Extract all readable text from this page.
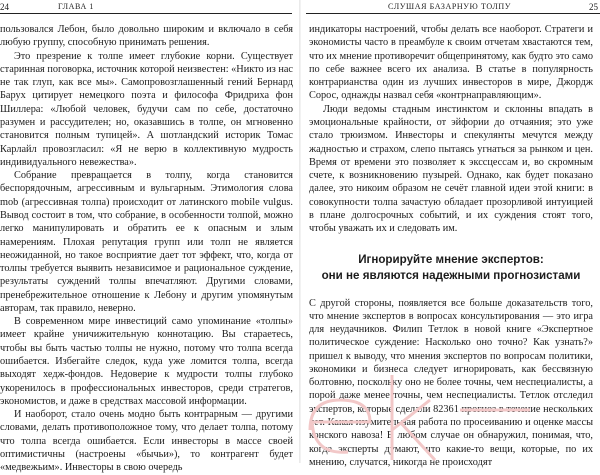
24	ГЛАВА 1

пользовался Лебон, было довольно широким и включало в себя любую группу, способную принимать решения.

Это презрение к толпе имеет глубокие корни. Существует старинная поговорка, источник которой неизвестен: «Никто из нас не так глуп, как все мы». Самопровозглашенный гений Бернард Барух цитирует немецкого поэта и философа Фридриха фон Шиллера: «Любой человек, будучи сам по себе, достаточно разумен и рассудителен; но, оказавшись в толпе, он мгновенно становится полным тупицей». А шотландский историк Томас Карлайл провозгласил: «Я не верю в коллективную мудрость индивидуального невежества».

Собрание превращается в толпу, когда становится беспорядочным, агрессивным и вульгарным. Этимология слова mob (агрессивная толпа) происходит от латинского mobile vulgus. Вывод состоит в том, что собрание, в особенности толпой, можно легко манипулировать и обратить ее к опасным и злым намерениям. Плохая репутация групп или толп не является неожиданной, но такое восприятие дает тот эффект, что, когда от толпы требуется выявить независимое и рациональное суждение, результаты суждений толпы впечатляют. Другими словами, пренебрежительное отношение к Лебону и другим упомянутым авторам, так правило, неверно.

В современном мире инвестиций само упоминание «толпы» имеет крайне уничижительную коннотацию. Вы стараетесь, чтобы вы быть частью толпы не нужно, потому что толпа всегда ошибается. Избегайте следок, куда уже ломится толпа, всегда выходят хедж-фондов. Недоверие к мудрости толпы глубоко укоренилось в профессиональных инвесторов, среди стратегов, экономистов, и даже в средствах массовой информации.

И наоборот, стало очень модно быть контрарным — другими словами, делать противоположное тому, что делает толпа, потому что толпа всегда ошибается. Если инвесторы в массе своей оптимистичны (настроены «бычьи»), то контрагент будет «медвежьим». Инвесторы в свою очередь

СЛУШАЯ БАЗАРНУЮ ТОЛПУ	25

индикаторы настроений, чтобы делать все наоборот. Стратеги и экономисты часто в преамбуле к своим отчетам хвастаются тем, что их мнение противоречит общепринятому, как будто это само по себе важнее всего их анализа. В статье в популярность контрарианства один из лучших инвесторов в мире, Джордж Сорос, однажды назвал себя «контрнаправляющим».

Люди ведомы стадным инстинктом и склонны впадать в эмоциональные крайности, от эйфории до отчаяния; это уже стало трюизмом. Инвесторы и спекулянты мечутся между жадностью и страхом, слепо пытаясь угнаться за рынком и цен. Время от времени это позволяет к экссцессам и, во скромным счете, к возникновению пузырей. Однако, как будет показано далее, это никоим образом не сечёт главной идеи этой книги: в совокупности толпа зачастую обладает прозорливой интуицией в плане долгосрочных событий, и их суждения стоят того, чтобы уважать их и следовать им.

Игнорируйте мнение экспертов:
они не являются надежными прогнозистами

С другой стороны, появляется все больше доказательств того, что мнение экспертов в вопросах консультирования — это игра для неудачников. Филип Тетлок в новой книге «Экспертное политическое суждение: Насколько оно точно? Как узнать?» пришел к выводу, что мнения экспертов по вопросам политики, экономики и бизнеса следует игнорировать, как бессвязную болтовню, поскольку оно не более точны, чем неспециалисты, а порой даже менее точны, чем неспециалисты. Тетлок отследил экспертов, которые сделали 82361 прогноз в течение нескольких лет. Какая изумительная работа по просеиванию и оценке массы конского навоза! В любом случае он обнаружил, понимая, что, когда эксперты думают, что какие-то вещи, которые, по их мнению, случатся, никогда не происходят
